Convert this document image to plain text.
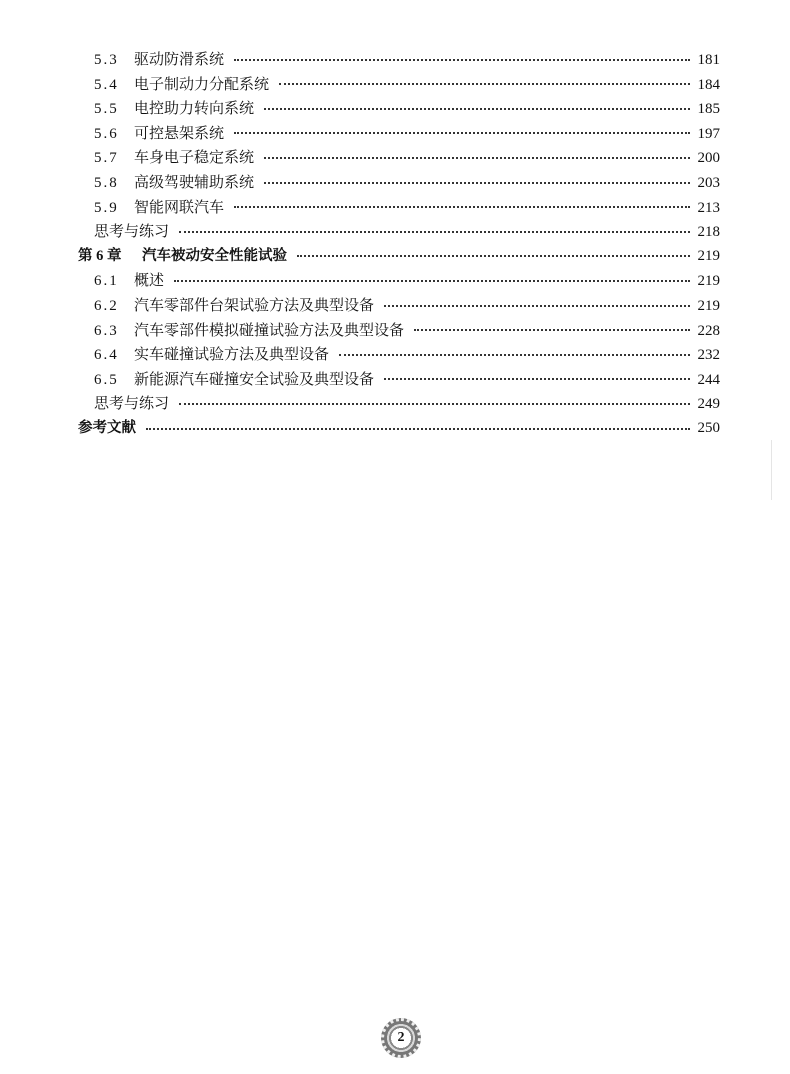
5.3	驱动防滑系统	181
5.4	电子制动力分配系统	184
5.5	电控助力转向系统	185
5.6	可控悬架系统	197
5.7	车身电子稳定系统	200
5.8	高级驾驶辅助系统	203
5.9	智能网联汽车	213
思考与练习	218
第 6 章	汽车被动安全性能试验	219
6.1	概述	219
6.2	汽车零部件台架试验方法及典型设备	219
6.3	汽车零部件模拟碰撞试验方法及典型设备	228
6.4	实车碰撞试验方法及典型设备	232
6.5	新能源汽车碰撞安全试验及典型设备	244
思考与练习	249
参考文献	250
2
